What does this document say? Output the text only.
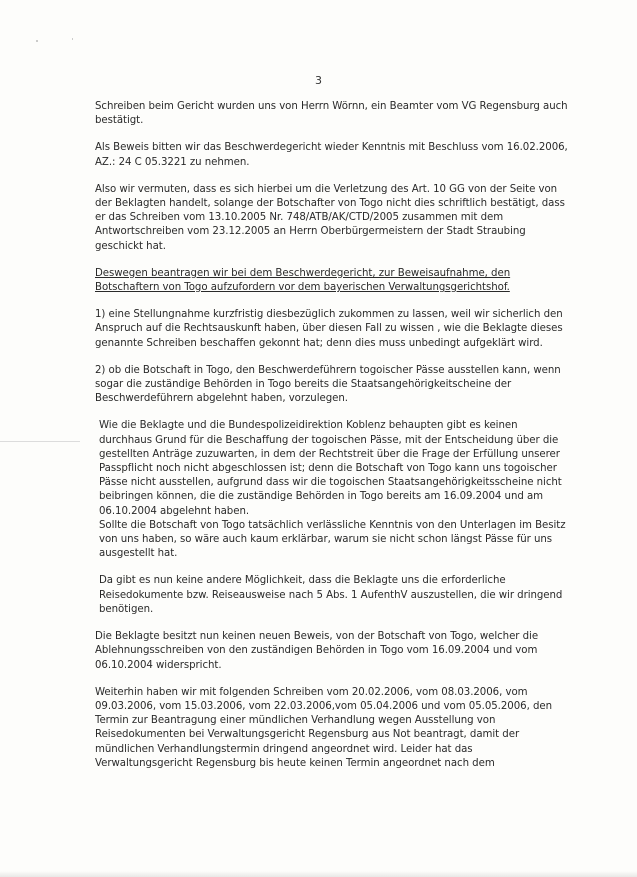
3

Schreiben beim Gericht wurden uns von Herrn Wörnn, ein Beamter vom VG Regensburg auch bestätigt.

Als Beweis bitten wir das Beschwerdegericht wieder Kenntnis mit Beschluss vom 16.02.2006, AZ.: 24 C 05.3221 zu nehmen.

Also wir vermuten, dass es sich hierbei um die Verletzung des Art. 10 GG von der Seite von der Beklagten handelt, solange der Botschafter von Togo nicht dies schriftlich bestätigt, dass er das Schreiben vom 13.10.2005 Nr. 748/ATB/AK/CTD/2005 zusammen mit dem Antwortschreiben vom 23.12.2005 an Herrn Oberbürgermeistern der Stadt Straubing geschickt hat.

Deswegen beantragen wir bei dem Beschwerdegericht, zur Beweisaufnahme, den Botschaftern von Togo aufzufordern vor dem bayerischen Verwaltungsgerichtshof.

1) eine Stellungnahme kurzfristig diesbezüglich zukommen zu lassen, weil wir sicherlich den Anspruch auf die Rechtsauskunft haben, über diesen Fall zu wissen , wie die Beklagte dieses genannte Schreiben beschaffen gekonnt hat; denn dies muss unbedingt aufgeklärt wird.

2) ob die Botschaft in Togo, den Beschwerdeführern togoischer Pässe ausstellen kann, wenn sogar die zuständige Behörden in Togo bereits die Staatsangehörigkeitscheine der Beschwerdeführern abgelehnt haben, vorzulegen.

Wie die Beklagte und die Bundespolizeidirektion Koblenz behaupten gibt es keinen durchhaus Grund für die Beschaffung der togoischen Pässe, mit der Entscheidung über die gestellten Anträge zuzuwarten, in dem der Rechtstreit über die Frage der Erfüllung unserer Passpflicht noch nicht abgeschlossen ist; denn die Botschaft von Togo kann uns togoischer Pässe nicht ausstellen, aufgrund dass wir die togoischen Staatsangehörigkeitsscheine nicht beibringen können, die die zuständige Behörden in Togo bereits am 16.09.2004 und am 06.10.2004 abgelehnt haben.

Sollte die Botschaft von Togo tatsächlich verlässliche Kenntnis von den Unterlagen im Besitz von uns haben, so wäre auch kaum erklärbar, warum sie nicht schon längst Pässe für uns ausgestellt hat.

Da gibt es nun keine andere Möglichkeit, dass die Beklagte uns die erforderliche Reisedokumente bzw. Reiseausweise nach 5 Abs. 1 AufenthV auszustellen, die wir dringend benötigen.

Die Beklagte besitzt nun keinen neuen Beweis, von der Botschaft von Togo, welcher die Ablehnungsschreiben von den zuständigen Behörden in Togo vom 16.09.2004 und vom 06.10.2004 widerspricht.

Weiterhin haben wir mit folgenden Schreiben vom 20.02.2006, vom 08.03.2006, vom 09.03.2006, vom 15.03.2006, vom 22.03.2006,vom 05.04.2006 und vom 05.05.2006, den Termin zur Beantragung einer mündlichen Verhandlung wegen Ausstellung von Reisedokumenten bei Verwaltungsgericht Regensburg aus Not beantragt, damit der mündlichen Verhandlungstermin dringend angeordnet wird. Leider hat das Verwaltungsgericht Regensburg bis heute keinen Termin angeordnet nach dem
